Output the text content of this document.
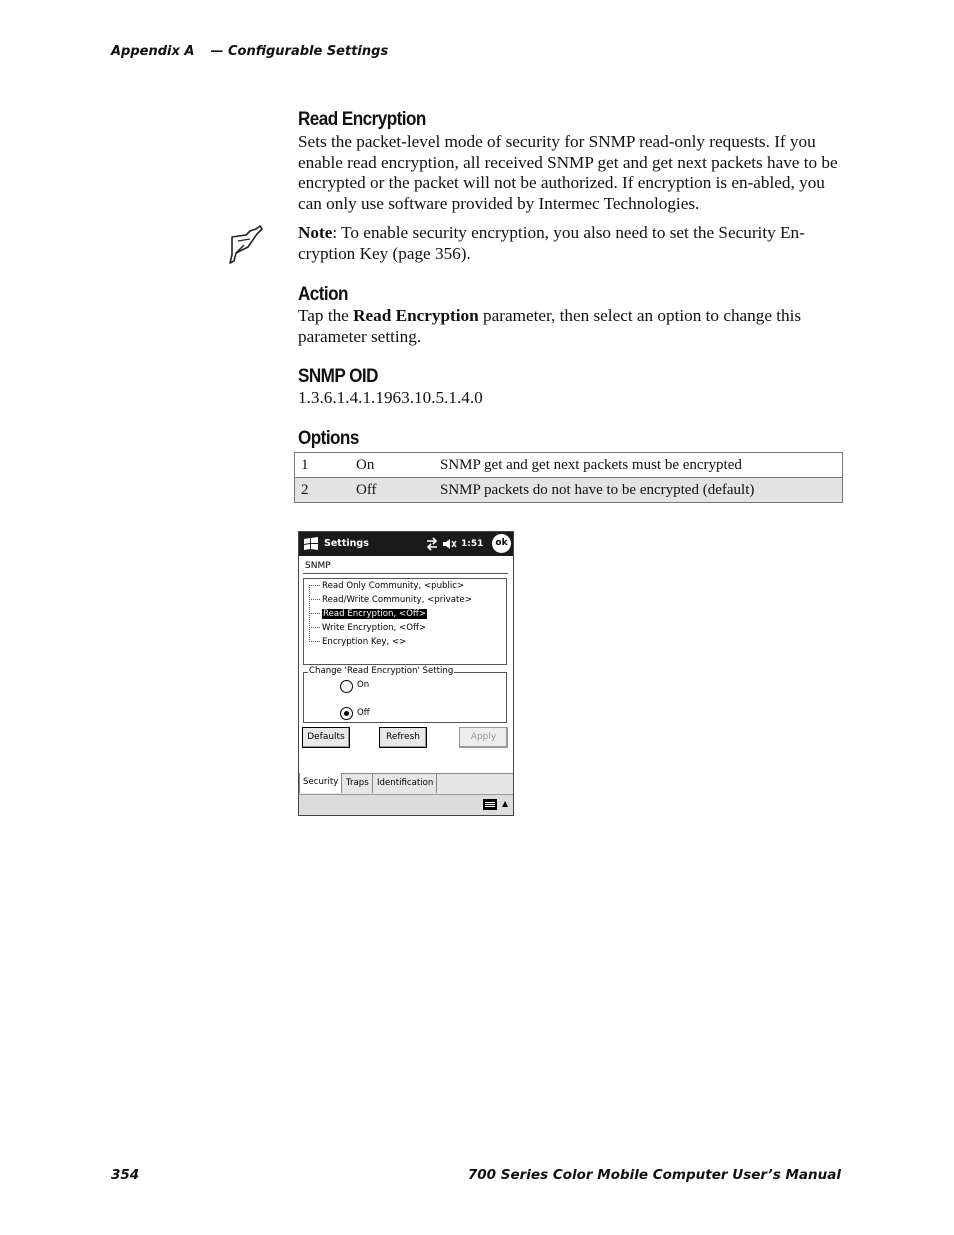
Appendix A — Configurable Settings
Read Encryption

Sets the packet-level mode of security for SNMP read-only requests. If you enable read encryption, all received SNMP get and get next packets have to be encrypted or the packet will not be authorized. If encryption is en-abled, you can only use software provided by Intermec Technologies.

Note: To enable security encryption, you also need to set the Security En-cryption Key (page 356).

Action

Tap the Read Encryption parameter, then select an option to change this parameter setting.

SNMP OID

1.3.6.1.4.1.1963.10.5.1.4.0

Options
1	On	SNMP get and get next packets must be encrypted
2	Off	SNMP packets do not have to be encrypted (default)
Settings	1:51	ok
SNMP
Read Only Community, <public>
Read/Write Community, <private>
Read Encryption, <Off>
Write Encryption, <Off>
Encryption Key, <>
Change 'Read Encryption' Setting
On
Off
Defaults	Refresh	Apply
Security Traps Identification
▲
354	700 Series Color Mobile Computer User’s Manual
